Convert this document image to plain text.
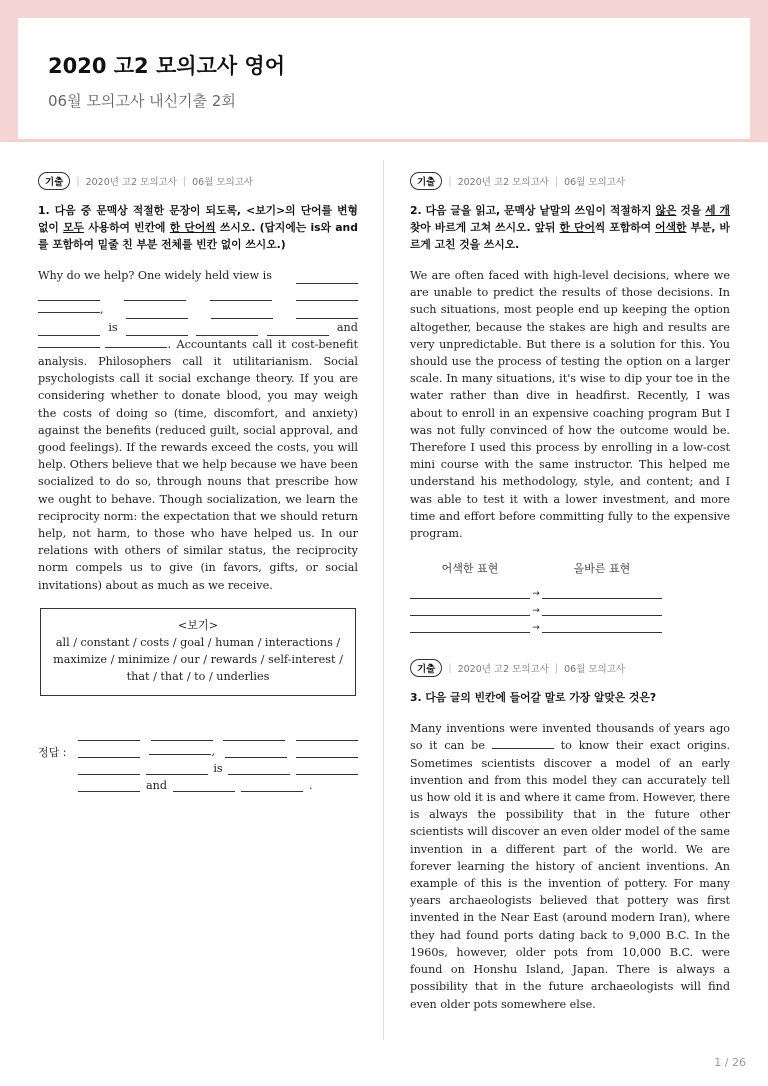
2020 고2 모의고사 영어

06월 모의고사 내신기출 2회

기출	| 2020년 고2 모의고사 | 06월 모의고사
1. 다음 중 문맥상 적절한 문장이 되도록, <보기>의 단어를 변형 없이 모두 사용하여 빈칸에 한 단어씩 쓰시오. (답지에는 is와 and를 포함하여 밑줄 친 부분 전체를 빈칸 없이 쓰시오.)
Why do we help? One widely held view is
,
is	and
. Accountants call it cost-benefit analysis. Philosophers call it utilitarianism. Social psychologists call it social exchange theory. If you are considering whether to donate blood, you may weigh the costs of doing so (time, discomfort, and anxiety) against the benefits (reduced guilt, social approval, and good feelings). If the rewards exceed the costs, you will help. Others believe that we help because we have been socialized to do so, through nouns that prescribe how we ought to behave. Though socialization, we learn the reciprocity norm: the expectation that we should return help, not harm, to those who have helped us. In our relations with others of similar status, the reciprocity norm compels us to give (in favors, gifts, or social invitations) about as much as we receive.
<보기>
all / constant / costs / goal / human / interactions / maximize / minimize / our / rewards / self-interest / that / that / to / underlies
정답 :	,
is
and	.
기출	| 2020년 고2 모의고사 | 06월 모의고사
2. 다음 글을 읽고, 문맥상 낱말의 쓰임이 적절하지 않은 것을 세 개 찾아 바르게 고쳐 쓰시오. 앞뒤 한 단어씩 포함하여 어색한 부분, 바르게 고친 것을 쓰시오.
We are often faced with high-level decisions, where we are unable to predict the results of those decisions. In such situations, most people end up keeping the option altogether, because the stakes are high and results are very unpredictable. But there is a solution for this. You should use the process of testing the option on a larger scale. In many situations, it's wise to dip your toe in the water rather than dive in headfirst. Recently, I was about to enroll in an expensive coaching program But I was not fully convinced of how the outcome would be. Therefore I used this process by enrolling in a low-cost mini course with the same instructor. This helped me understand his methodology, style, and content; and I was able to test it with a lower investment, and more time and effort before committing fully to the expensive program.
어색한 표현	올바른 표현
→
→
→
기출	| 2020년 고2 모의고사 | 06월 모의고사
3. 다음 글의 빈칸에 들어갈 말로 가장 알맞은 것은?
Many inventions were invented thousands of years ago so it can be	to know their exact origins. Sometimes scientists discover a model of an early invention and from this model they can accurately tell us how old it is and where it came from. However, there is always the possibility that in the future other scientists will discover an even older model of the same invention in a different part of the world. We are forever learning the history of ancient inventions. An example of this is the invention of pottery. For many years archaeologists believed that pottery was first invented in the Near East (around modern Iran), where they had found ports dating back to 9,000 B.C. In the 1960s, however, older pots from 10,000 B.C. were found on Honshu Island, Japan. There is always a possibility that in the future archaeologists will find even older pots somewhere else.
1 / 26
